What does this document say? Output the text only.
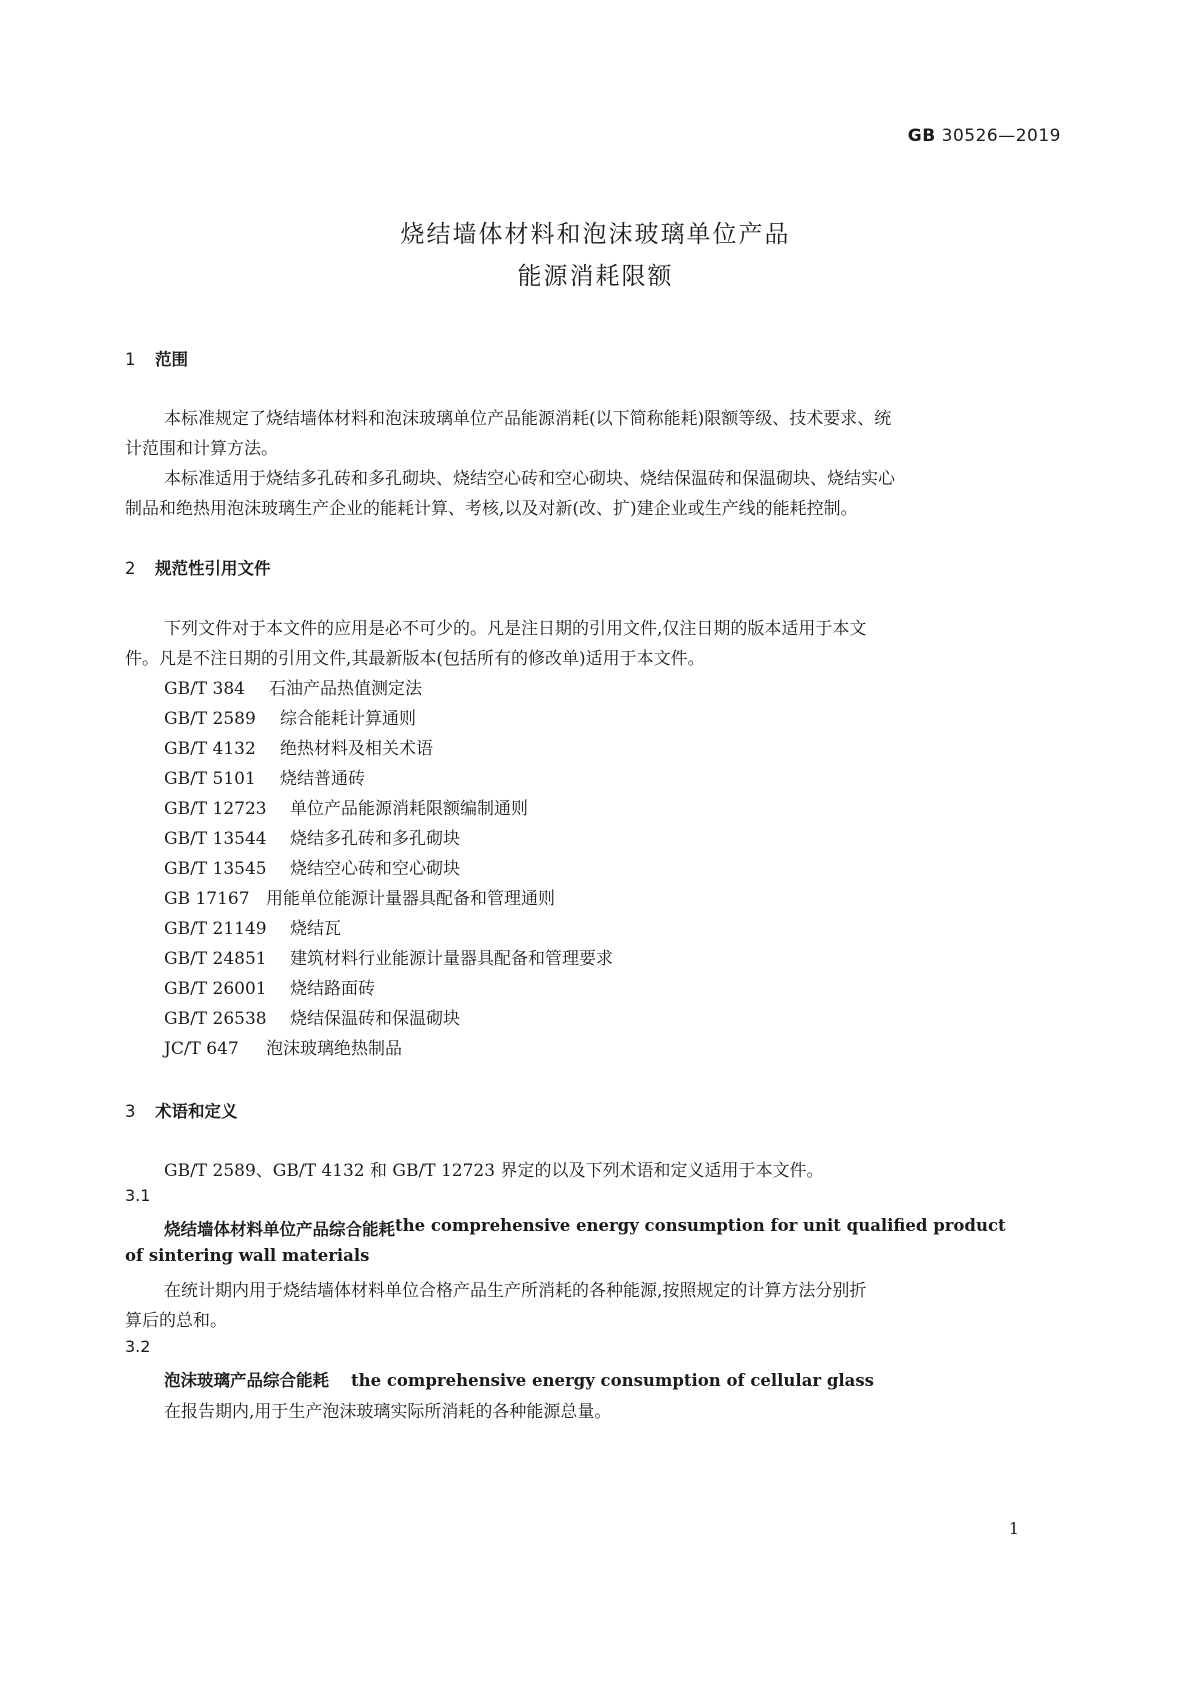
GB 30526—2019
烧结墙体材料和泡沫玻璃单位产品
能源消耗限额
1 范围
本标准规定了烧结墙体材料和泡沫玻璃单位产品能源消耗(以下简称能耗)限额等级、技术要求、统
计范围和计算方法。
本标准适用于烧结多孔砖和多孔砌块、烧结空心砖和空心砌块、烧结保温砖和保温砌块、烧结实心
制品和绝热用泡沫玻璃生产企业的能耗计算、考核,以及对新(改、扩)建企业或生产线的能耗控制。
2 规范性引用文件
下列文件对于本文件的应用是必不可少的。凡是注日期的引用文件,仅注日期的版本适用于本文
件。凡是不注日期的引用文件,其最新版本(包括所有的修改单)适用于本文件。
GB/T 384 石油产品热值测定法
GB/T 2589 综合能耗计算通则
GB/T 4132 绝热材料及相关术语
GB/T 5101 烧结普通砖
GB/T 12723 单位产品能源消耗限额编制通则
GB/T 13544 烧结多孔砖和多孔砌块
GB/T 13545 烧结空心砖和空心砌块
GB 17167 用能单位能源计量器具配备和管理通则
GB/T 21149 烧结瓦
GB/T 24851 建筑材料行业能源计量器具配备和管理要求
GB/T 26001 烧结路面砖
GB/T 26538 烧结保温砖和保温砌块
JC/T 647 泡沫玻璃绝热制品
3 术语和定义
GB/T 2589、GB/T 4132 和 GB/T 12723 界定的以及下列术语和定义适用于本文件。
3.1
烧结墙体材料单位产品综合能耗 the comprehensive energy consumption for unit qualified product
of sintering wall materials
在统计期内用于烧结墙体材料单位合格产品生产所消耗的各种能源,按照规定的计算方法分别折
算后的总和。
3.2
泡沫玻璃产品综合能耗 the comprehensive energy consumption of cellular glass
在报告期内,用于生产泡沫玻璃实际所消耗的各种能源总量。
1
